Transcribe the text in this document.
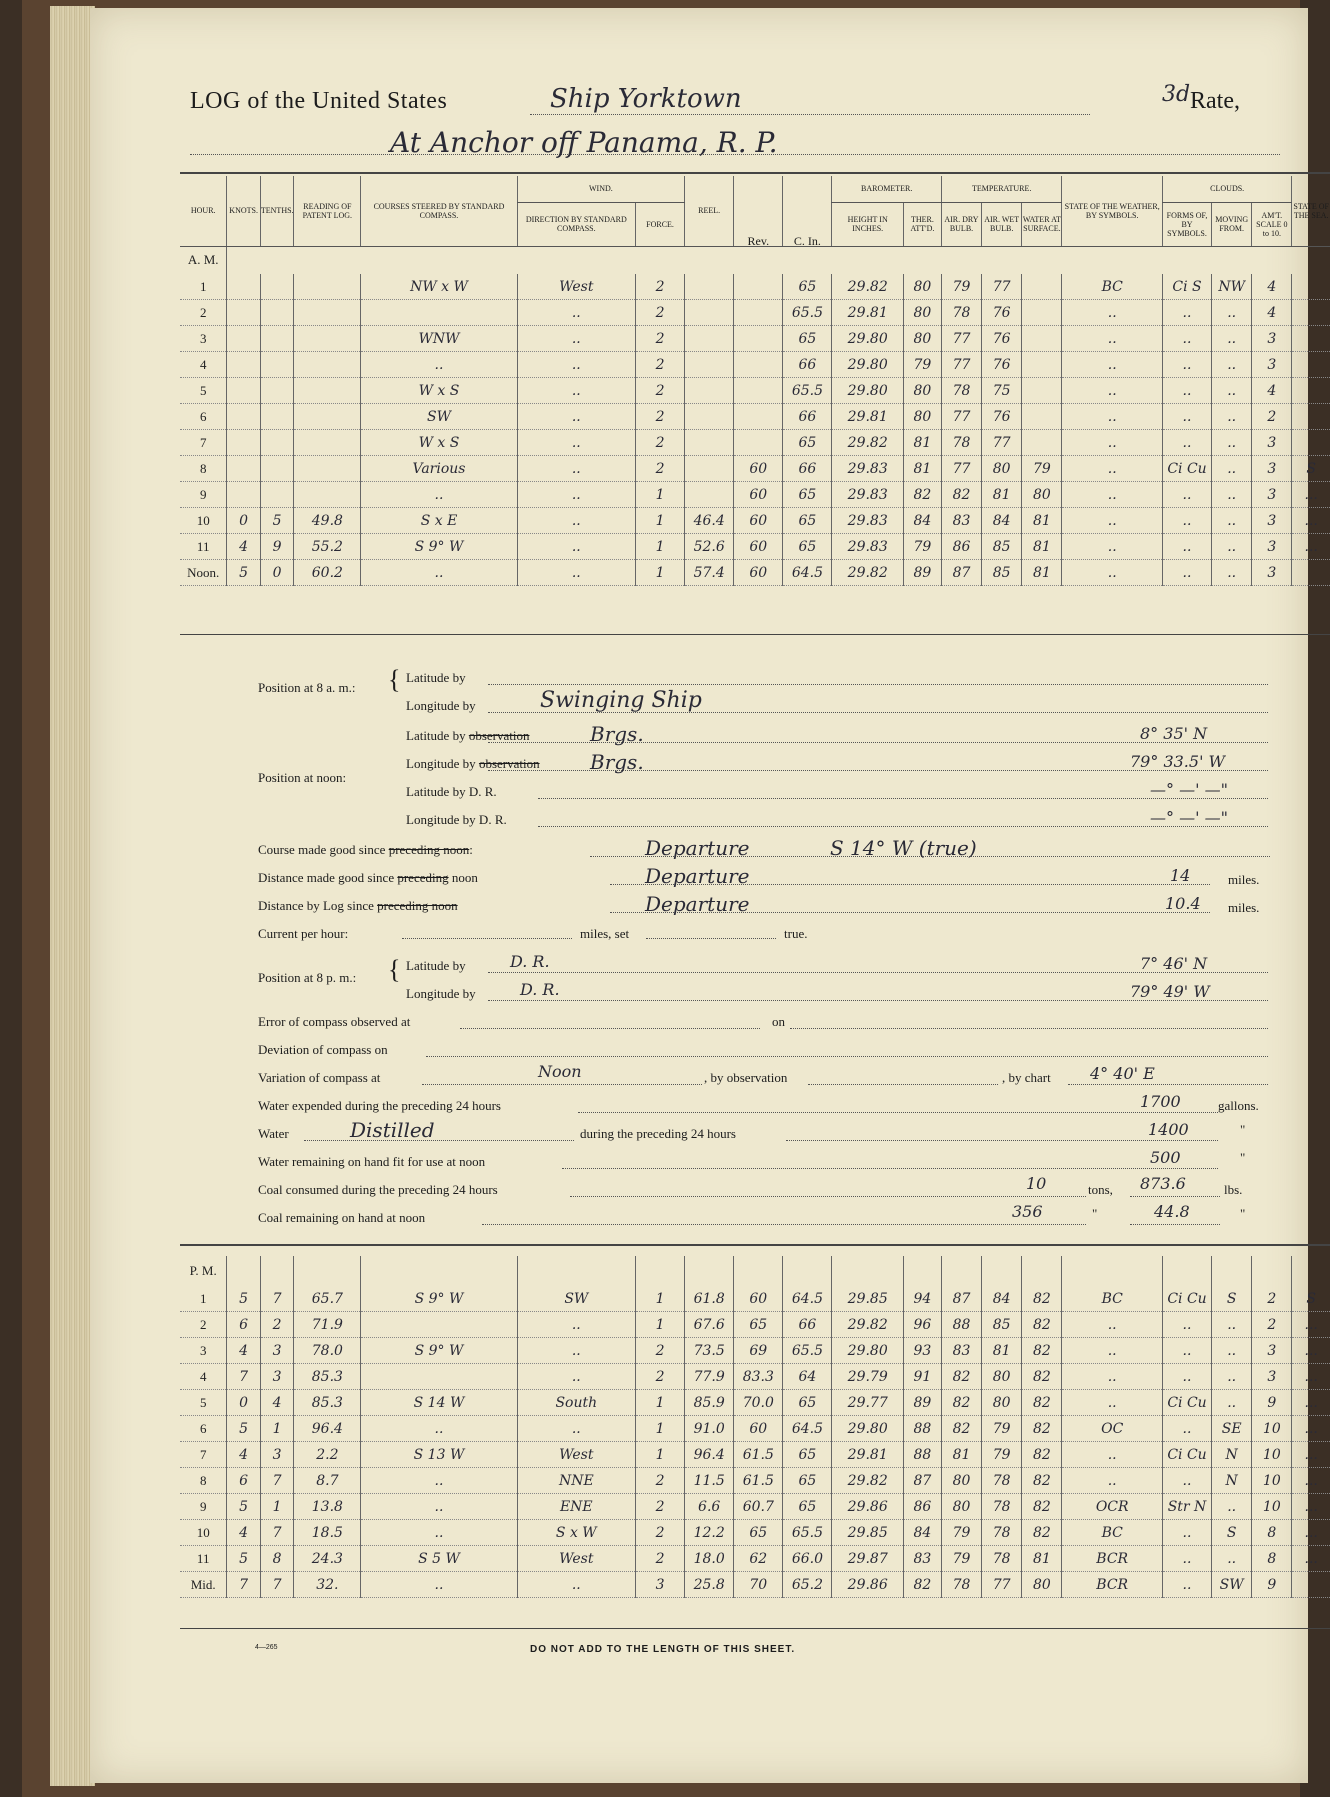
LOG of the United States	Ship Yorktown	3d Rate,
At Anchor off Panama, R. P.
HOUR.	KNOTS.	TENTHS.	READING OF PATENT LOG.	COURSES STEERED BY STANDARD COMPASS.	WIND.		REEL.	Rev.	C. In.	BAROMETER.		TEMPERATURE.			STATE OF THE WEATHER, BY SYMBOLS.	CLOUDS.			STATE OF THE SEA.
					DIRECTION BY STANDARD COMPASS.	FORCE.				HEIGHT IN INCHES.	THER. ATT'D.	AIR. DRY BULB.	AIR. WET BULB.	WATER AT SURFACE.		FORMS OF, BY SYMBOLS.	MOVING FROM.	AM'T. SCALE 0 to 10.	
A. M.																			
1				NW x W	West	2			65	29.82	80	79	77		BC	Ci S	NW	4	
2					..	2			65.5	29.81	80	78	76		..	..	..	4	
3				WNW	..	2			65	29.80	80	77	76		..	..	..	3	
4				..	..	2			66	29.80	79	77	76		..	..	..	3	
5				W x S	..	2			65.5	29.80	80	78	75		..	..	..	4	
6				SW	..	2			66	29.81	80	77	76		..	..	..	2	
7				W x S	..	2			65	29.82	81	78	77		..	..	..	3	
8				Various	..	2		60	66	29.83	81	77	80	79	..	Ci Cu	..	3	S
9				..	..	1		60	65	29.83	82	82	81	80	..	..	..	3	...
10	0	5	49.8	S x E	..	1	46.4	60	65	29.83	84	83	84	81	..	..	..	3	...
11	4	9	55.2	S 9° W	..	1	52.6	60	65	29.83	79	86	85	81	..	..	..	3	...
Noon.	5	0	60.2	..	..	1	57.4	60	64.5	29.82	89	87	85	81	..	..	..	3	
Position at 8 a. m.: { Latitude by
Longitude by	Swinging Ship
Position at noon:
Latitude by observation	Brgs.	8° 35' N
Longitude by observation	Brgs.	79° 33.5' W
Latitude by D. R.	—° —' —"
Longitude by D. R.	—° —' —"
Course made good since preceding noon:	Departure	S 14° W (true)
Distance made good since preceding noon	Departure	14	miles.
Distance by Log since preceding noon	Departure	10.4 miles.
Current per hour:	miles, set	true.
Position at 8 p. m.: { Latitude by	D. R.	7° 46' N
Longitude by	D. R.	79° 49' W
Error of compass observed at	on
Deviation of compass on
Variation of compass at	Noon	, by observation	, by chart 4° 40' E
Water expended during the preceding 24 hours	1700	gallons.
Water	Distilled	during the preceding 24 hours	1400	"
Water remaining on hand fit for use at noon	500	"
Coal consumed during the preceding 24 hours	10	tons, 873.6	lbs.
Coal remaining on hand at noon	356	"	44.8	"
P. M.																			
1	5	7	65.7	S 9° W	SW	1	61.8	60	64.5	29.85	94	87	84	82	BC	Ci Cu	S	2	S
2	6	2	71.9		..	1	67.6	65	66	29.82	96	88	85	82	..	..	..	2	...
3	4	3	78.0	S 9° W	..	2	73.5	69	65.5	29.80	93	83	81	82	..	..	..	3	...
4	7	3	85.3		..	2	77.9	83.3	64	29.79	91	82	80	82	..	..	..	3	...
5	0	4	85.3	S 14 W	South	1	85.9	70.0	65	29.77	89	82	80	82	..	Ci Cu	..	9	...
6	5	1	96.4	..	..	1	91.0	60	64.5	29.80	88	82	79	82	OC	..	SE	10	...
7	4	3	2.2	S 13 W	West	1	96.4	61.5	65	29.81	88	81	79	82	..	Ci Cu	N	10	...
8	6	7	8.7	..	NNE	2	11.5	61.5	65	29.82	87	80	78	82	..	..	N	10	...
9	5	1	13.8	..	ENE	2	6.6	60.7	65	29.86	86	80	78	82	OCR	Str N	..	10	...
10	4	7	18.5	..	S x W	2	12.2	65	65.5	29.85	84	79	78	82	BC	..	S	8	...
11	5	8	24.3	S 5 W	West	2	18.0	62	66.0	29.87	83	79	78	81	BCR	..	..	8	...
Mid.	7	7	32.	..	..	3	25.8	70	65.2	29.86	82	78	77	80	BCR	..	SW	9	
4—265	DO NOT ADD TO THE LENGTH OF THIS SHEET.
